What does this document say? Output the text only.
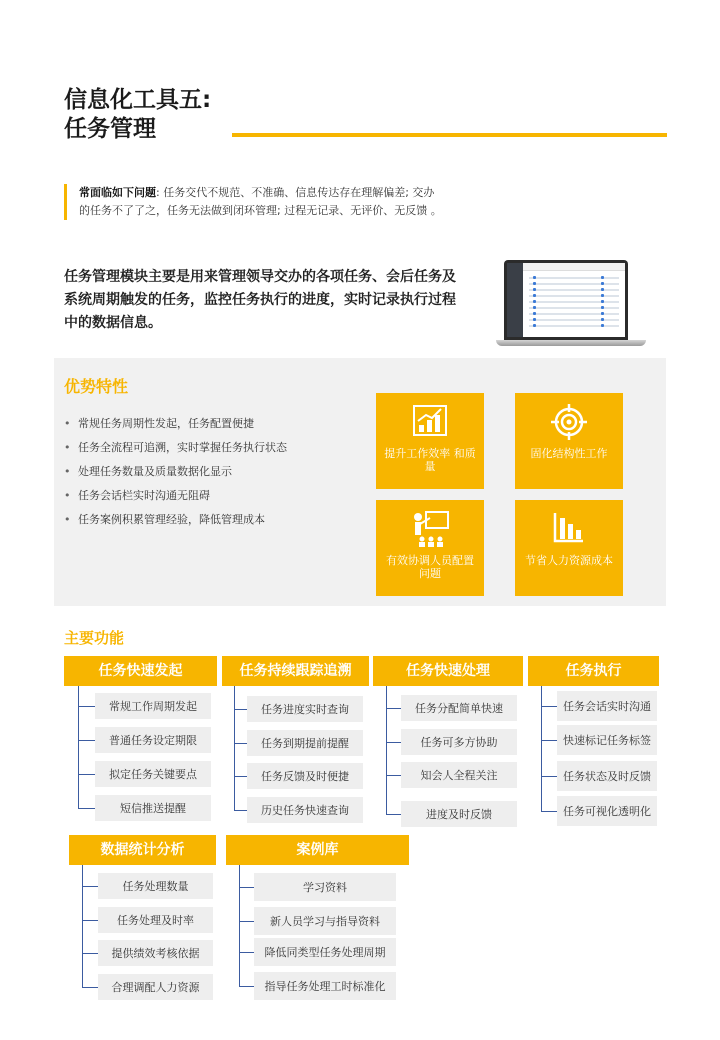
信息化工具五:
任务管理
常面临如下问题: 任务交代不规范、不准确、信息传达存在理解偏差; 交办的任务不了了之，任务无法做到闭环管理; 过程无记录、无评价、无反馈 。
任务管理模块主要是用来管理领导交办的各项任务、会后任务及系统周期触发的任务，监控任务执行的进度，实时记录执行过程中的数据信息。
优势特性
• 常规任务周期性发起，任务配置便捷
• 任务全流程可追溯，实时掌握任务执行状态
• 处理任务数量及质量数据化显示
• 任务会话栏实时沟通无阻碍
• 任务案例积累管理经验，降低管理成本
提升工作效率 和质量
固化结构性工作
有效协调人员配置问题
节省人力资源成本
主要功能
任务快速发起
常规工作周期发起
普通任务设定期限
拟定任务关键要点
短信推送提醒
任务持续跟踪追溯
任务进度实时查询
任务到期提前提醒
任务反馈及时便捷
历史任务快速查询
任务快速处理
任务分配简单快速
任务可多方协助
知会人全程关注
进度及时反馈
任务执行
任务会话实时沟通
快速标记任务标签
任务状态及时反馈
任务可视化透明化
数据统计分析
任务处理数量
任务处理及时率
提供绩效考核依据
合理调配人力资源
案例库
学习资料
新人员学习与指导资料
降低同类型任务处理周期
指导任务处理工时标准化
